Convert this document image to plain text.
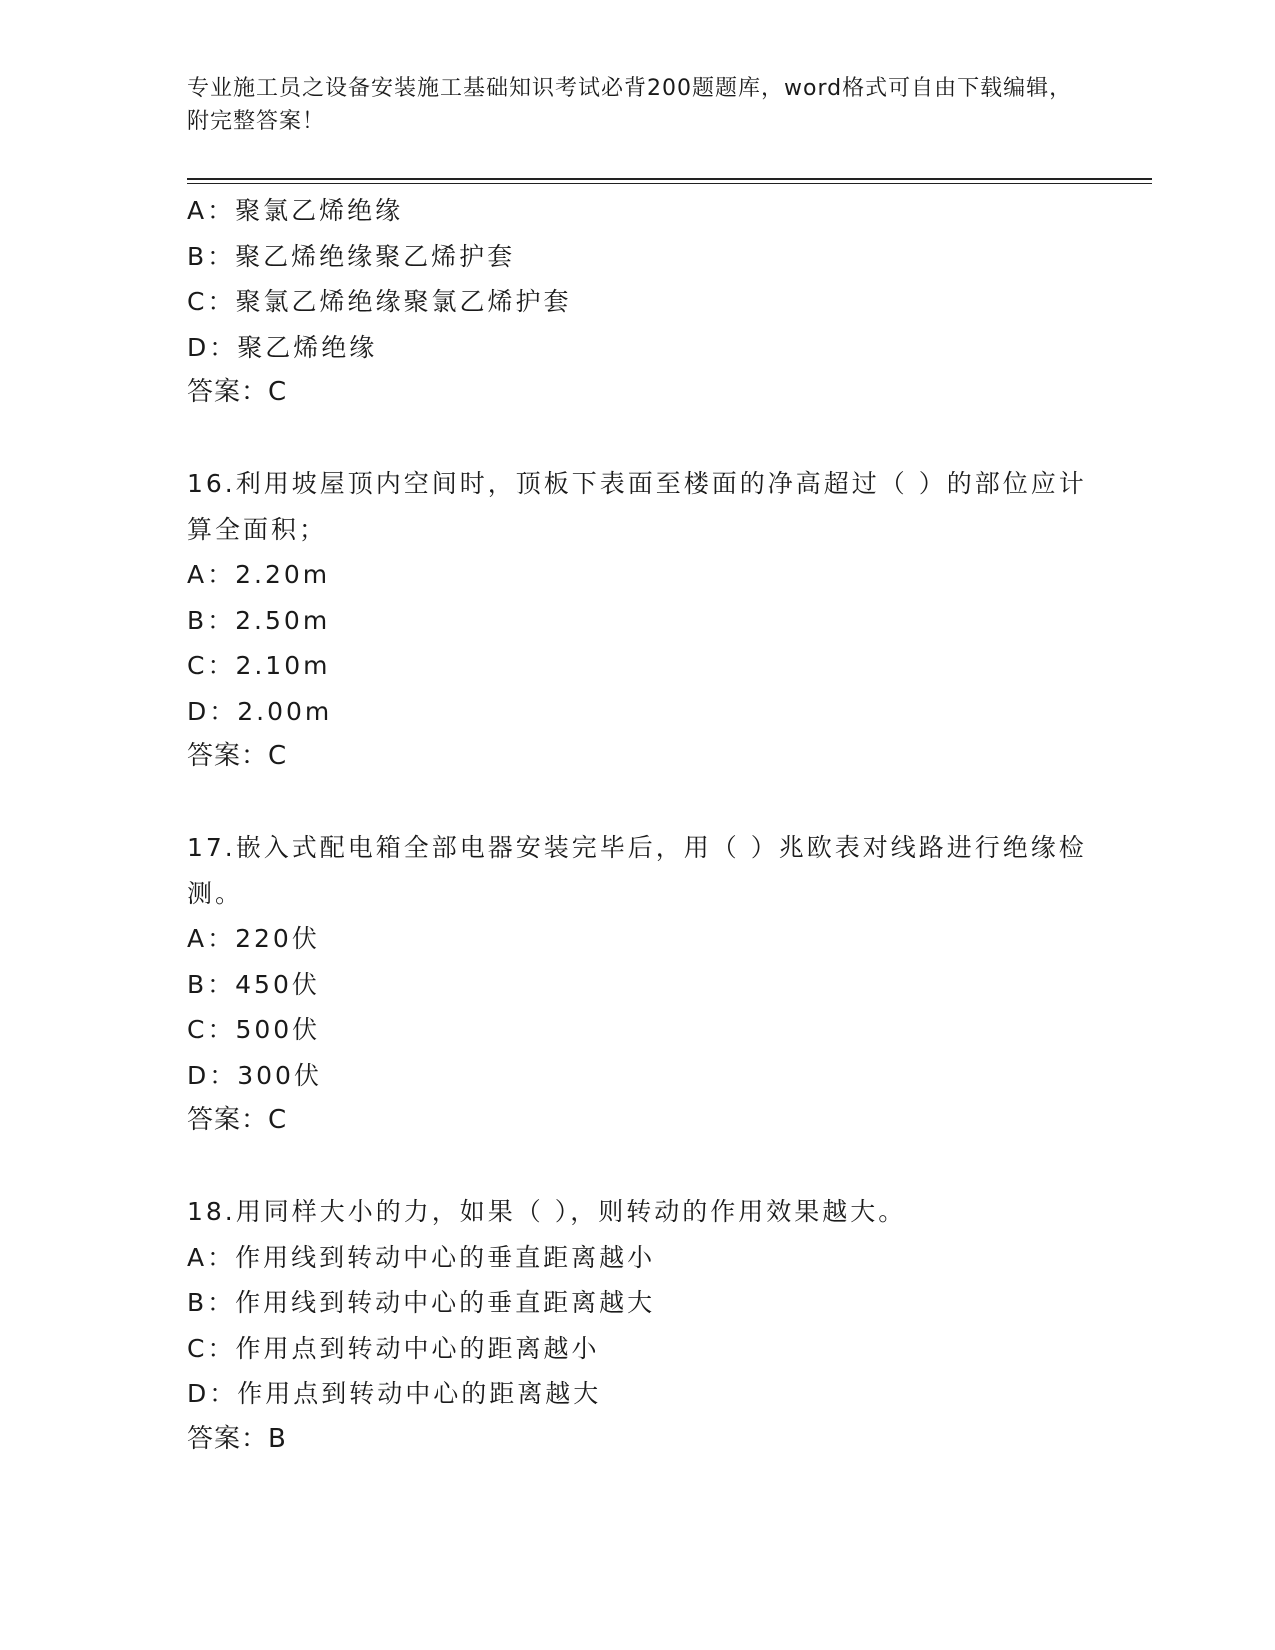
专业施工员之设备安装施工基础知识考试必背200题题库，word格式可自由下载编辑，附完整答案！
A：聚氯乙烯绝缘
B：聚乙烯绝缘聚乙烯护套
C：聚氯乙烯绝缘聚氯乙烯护套
D：聚乙烯绝缘
答案：C
16.利用坡屋顶内空间时，顶板下表面至楼面的净高超过（ ）的部位应计算全面积；
A：2.20m
B：2.50m
C：2.10m
D：2.00m
答案：C
17.嵌入式配电箱全部电器安装完毕后，用（ ）兆欧表对线路进行绝缘检测。
A：220伏
B：450伏
C：500伏
D：300伏
答案：C
18.用同样大小的力，如果（ ），则转动的作用效果越大。
A：作用线到转动中心的垂直距离越小
B：作用线到转动中心的垂直距离越大
C：作用点到转动中心的距离越小
D：作用点到转动中心的距离越大
答案：B
